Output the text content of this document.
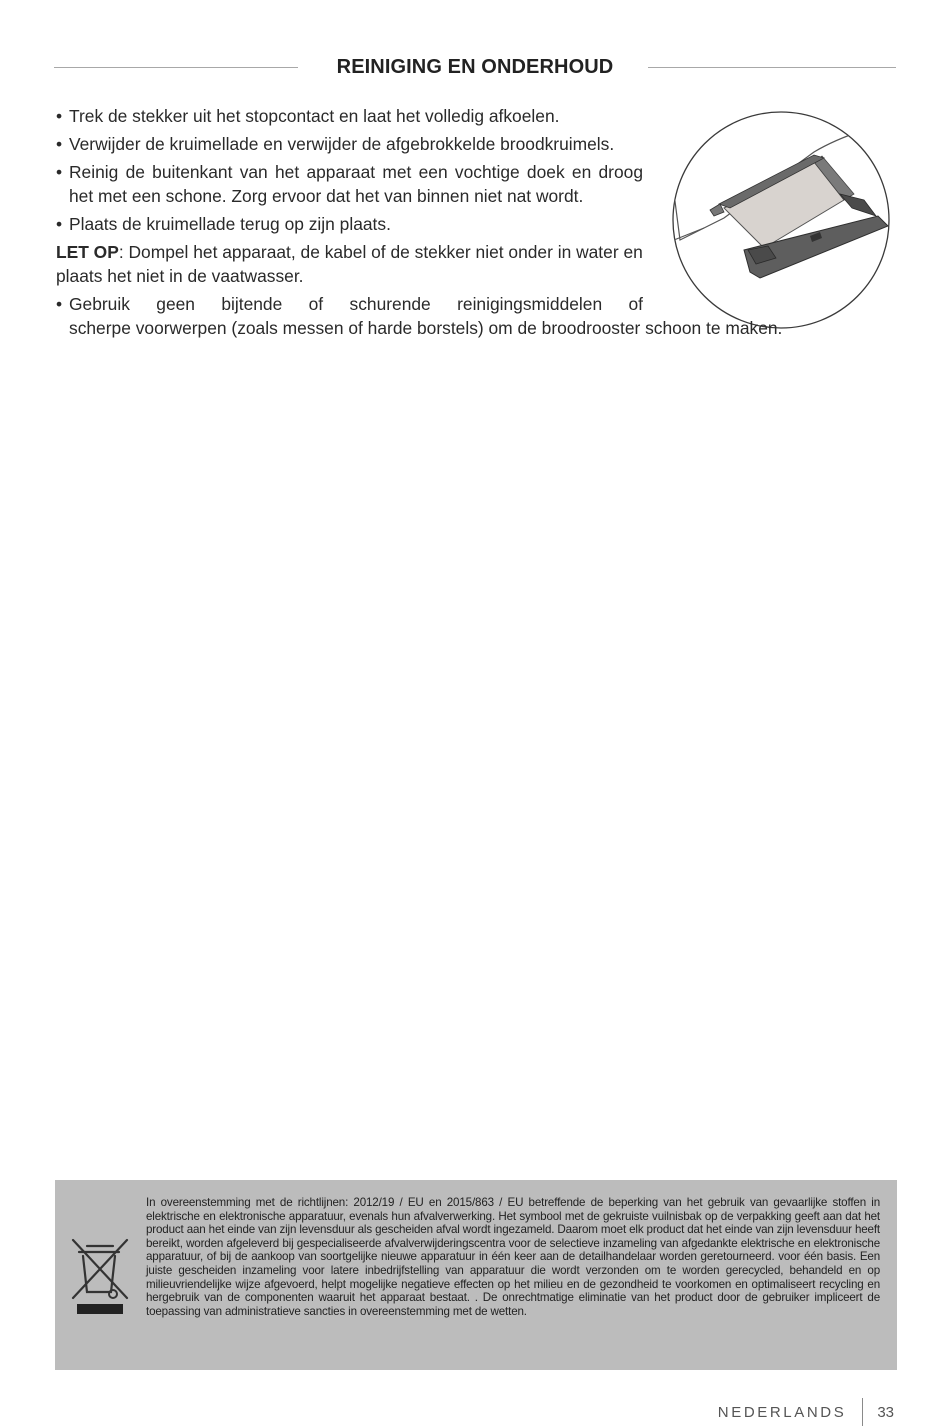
REINIGING EN ONDERHOUD
• Trek de stekker uit het stopcontact en laat het volledig afkoelen.
• Verwijder de kruimellade en verwijder de afgebrokkelde broodkruimels.
• Reinig de buitenkant van het apparaat met een vochtige doek en droog het met een schone. Zorg ervoor dat het van binnen niet nat wordt.
• Plaats de kruimellade terug op zijn plaats.
LET OP: Dompel het apparaat, de kabel of de stekker niet onder in water en plaats het niet in de vaatwasser.
• Gebruik geen bijtende of schurende reinigingsmiddelen of
scherpe voorwerpen (zoals messen of harde borstels) om de broodrooster schoon te maken.
In overeenstemming met de richtlijnen: 2012/19 / EU en 2015/863 / EU betreffende de beperking van het gebruik van gevaarlijke stoffen in elektrische en elektronische apparatuur, evenals hun afvalverwerking. Het symbool met de gekruiste vuilnisbak op de verpakking geeft aan dat het product aan het einde van zijn levensduur als gescheiden afval wordt ingezameld. Daarom moet elk product dat het einde van zijn levensduur heeft bereikt, worden afgeleverd bij gespecialiseerde afvalverwijderingscentra voor de selectieve inzameling van afgedankte elektrische en elektronische apparatuur, of bij de aankoop van soortgelijke nieuwe apparatuur in één keer aan de detailhandelaar worden geretourneerd. voor één basis. Een juiste gescheiden inzameling voor latere inbedrijfstelling van apparatuur die wordt verzonden om te worden gerecycled, behandeld en op milieuvriendelijke wijze afgevoerd, helpt mogelijke negatieve effecten op het milieu en de gezondheid te voorkomen en optimaliseert recycling en hergebruik van de componenten waaruit het apparaat bestaat. . De onrechtmatige eliminatie van het product door de gebruiker impliceert de toepassing van administratieve sancties in overeenstemming met de wetten.
NEDERLANDS 33
